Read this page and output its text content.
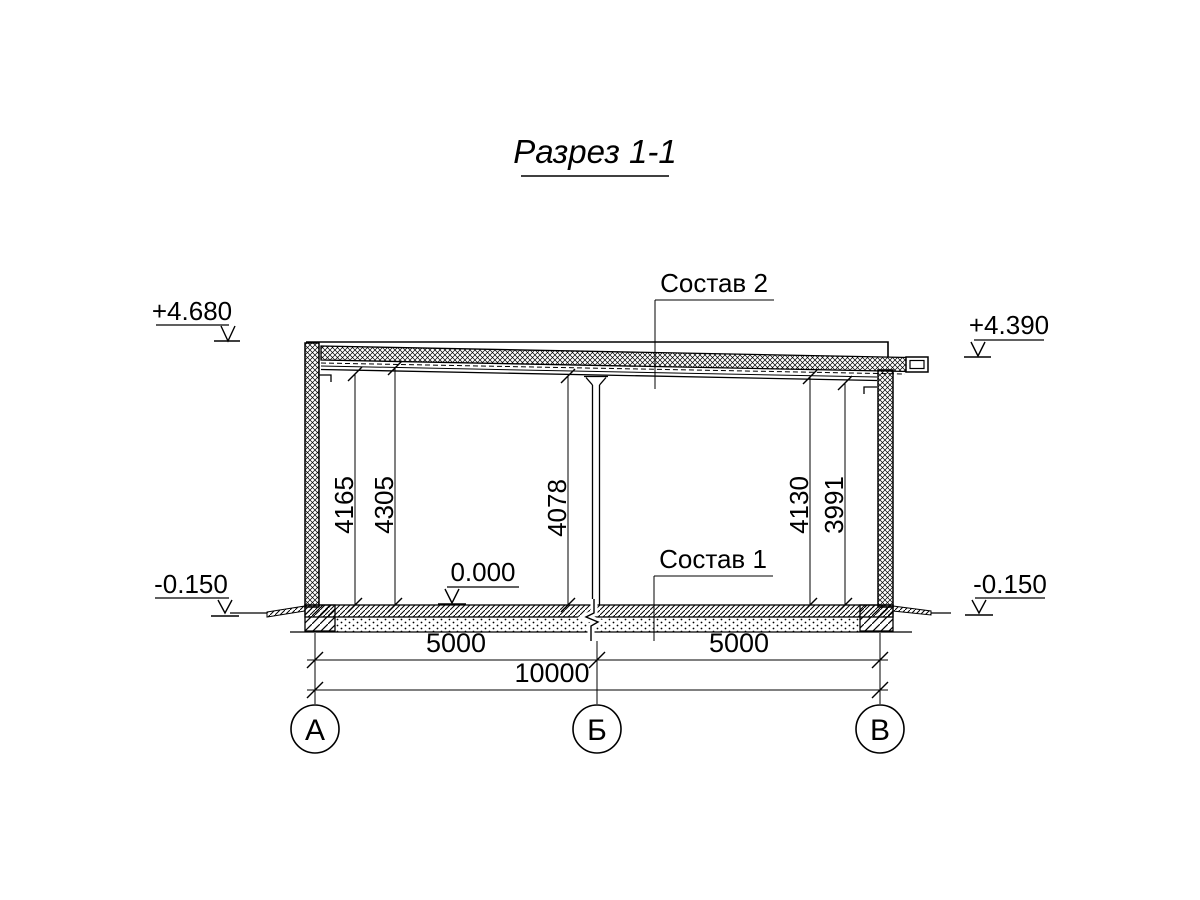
Разрез 1-1
4165 4305	4078	4130 3991
+4.680	+4.390
0.000
-0.150	-0.150
Состав 2
Состав 1
5000	5000
10000
А	Б	В
